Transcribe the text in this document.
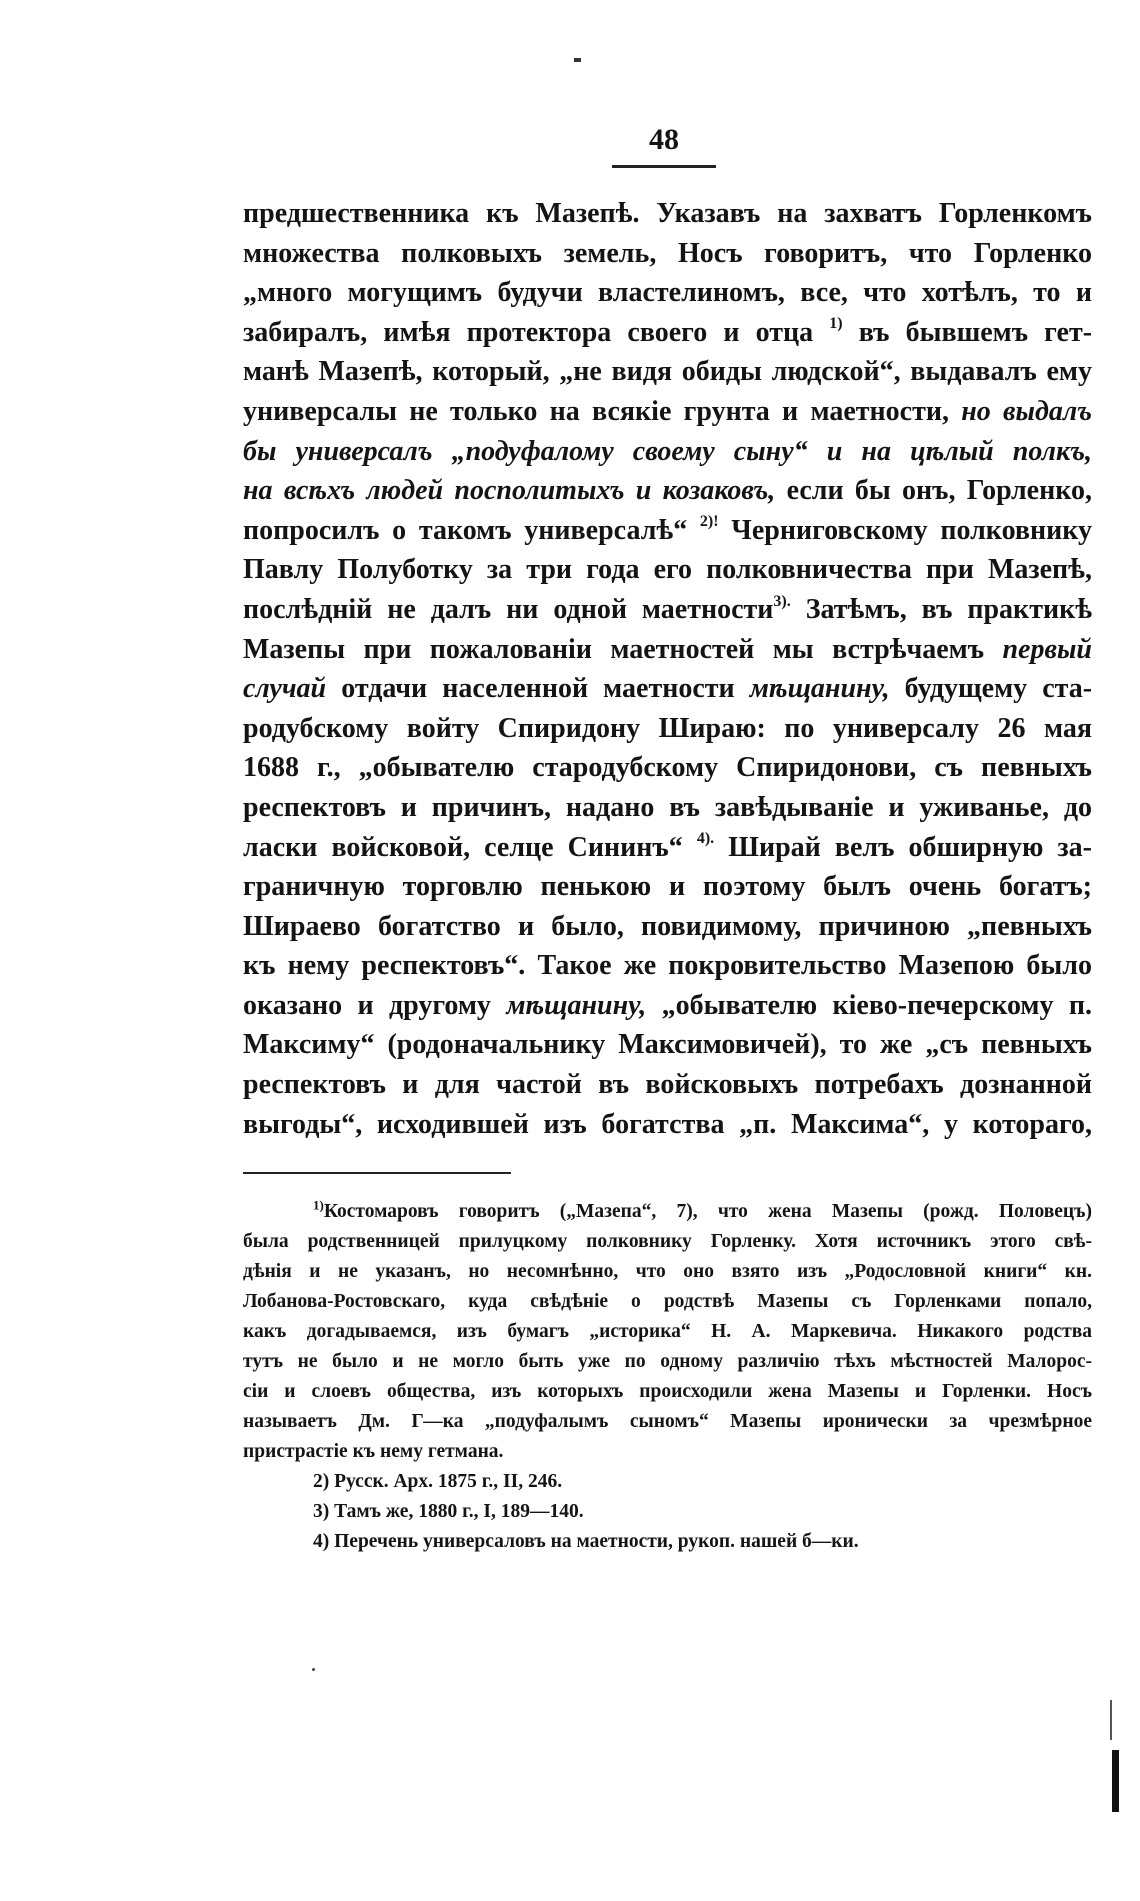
48
предшественника къ Мазепѣ. Указавъ на захватъ Горленкомъ
множества полковыхъ земель, Носъ говоритъ, что Горленко
„много могущимъ будучи властелиномъ, все, что хотѣлъ, то и
забиралъ, имѣя протектора своего и отца $^{1)}$ въ бывшемъ гет-
манѣ Мазепѣ, который, „не видя обиды людской“, выдавалъ ему
универсалы не только на всякіе грунта и маетности, но выдалъ
бы универсалъ „подуфалому своему сыну“ и на цѣлый полкъ,
на всѣхъ людей посполитыхъ и козаковъ, если бы онъ, Горленко,
попросилъ о такомъ универсалѣ“ $^{2)!}$ Черниговскому полковнику
Павлу Полуботку за три года его полковничества при Мазепѣ,
послѣдній не далъ ни одной маетности$^{3).}$ Затѣмъ, въ практикѣ
Мазепы при пожалованіи маетностей мы встрѣчаемъ первый
случай отдачи населенной маетности мѣщанину, будущему ста-
родубскому войту Спиридону Шираю: по универсалу 26 мая
1688 г., „обывателю стародубскому Спиридонови, съ певныхъ
респектовъ и причинъ, надано въ завѣдываніе и уживанье, до
ласки войсковой, селце Сининъ“ $^{4).}$ Ширай велъ обширную за-
граничную торговлю пенькою и поэтому былъ очень богатъ;
Шираево богатство и было, повидимому, причиною „певныхъ
къ нему респектовъ“. Такое же покровительство Мазепою было
оказано и другому мѣщанину, „обывателю кіево-печерскому п.
Максиму“ (родоначальнику Максимовичей), то же „съ певныхъ
респектовъ и для частой въ войсковыхъ потребахъ дознанной
выгоды“, исходившей изъ богатства „п. Максима“, у котораго,
$^{1)}$Костомаровъ говоритъ („Мазепа“, 7), что жена Мазепы (рожд. Половецъ)
была родственницей прилуцкому полковнику Горленку. Хотя источникъ этого свѣ-
дѣнія и не указанъ, но несомнѣнно, что оно взято изъ „Родословной книги“ кн.
Лобанова-Ростовскаго, куда свѣдѣніе о родствѣ Мазепы съ Горленками попало,
какъ догадываемся, изъ бумагъ „историка“ Н. А. Маркевича. Никакого родства
тутъ не было и не могло быть уже по одному различію тѣхъ мѣстностей Малорос-
сіи и слоевъ общества, изъ которыхъ происходили жена Мазепы и Горленки. Носъ
называетъ Дм. Г—ка „подуфалымъ сыномъ“ Мазепы иронически за чрезмѣрное
пристрастіе къ нему гетмана.
2) Русск. Арх. 1875 г., II, 246.
3) Тамъ же, 1880 г., I, 189—140.
4) Перечень универсаловъ на маетности, рукоп. нашей б—ки.
